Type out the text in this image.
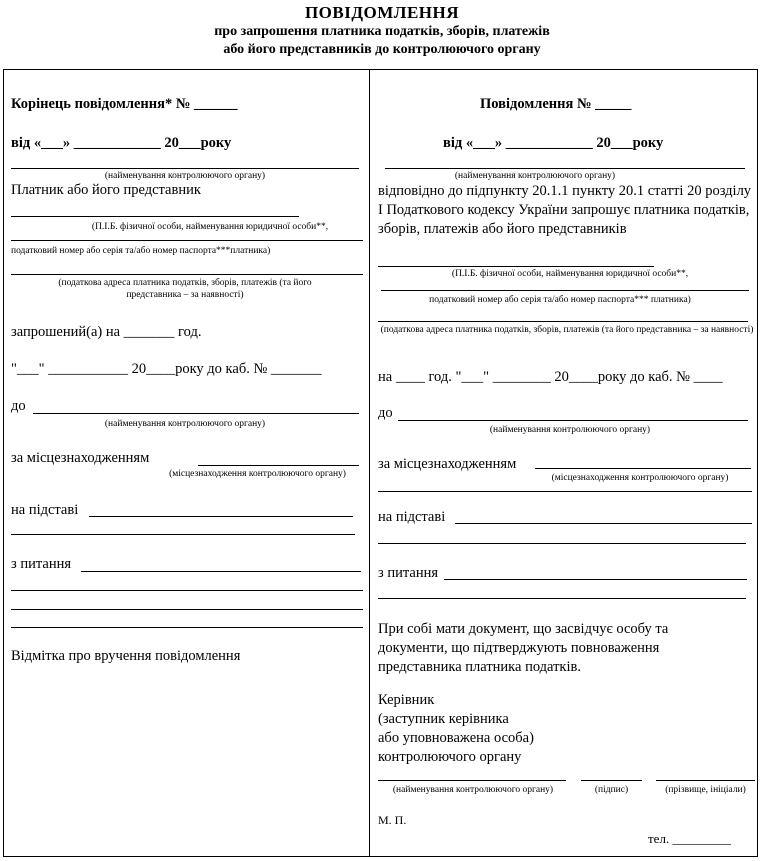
ПОВІДОМЛЕННЯ
про запрошення платника податків, зборів, платежів
або його представників до контролюючого органу
Корінець повідомлення* № ______
від «___» ____________ 20___року
(найменування контролюючого органу)
Платник або його представник
(П.І.Б. фізичної особи, найменування юридичної особи**,
податковий номер або серія та/або номер паспорта***платника)
(податкова адреса платника податків, зборів, платежів (та його представника – за наявності)
запрошений(а) на _______ год.
"___" ___________ 20____року до каб. № _______
до
(найменування контролюючого органу)
за місцезнаходженням
(місцезнаходження контролюючого органу)
на підставі
з питання
Відмітка про вручення повідомлення
Повідомлення № _____
від «___» ____________ 20___року
(найменування контролюючого органу)
відповідно до підпункту 20.1.1 пункту 20.1 статті 20 розділу І Податкового кодексу України запрошує платника податків, зборів, платежів або його представників
(П.І.Б. фізичної особи, найменування юридичної особи**,
податковий номер або серія та/або номер паспорта*** платника)
(податкова адреса платника податків, зборів, платежів (та його представника – за наявності)
на ____ год. "___" ________ 20____року до каб. № ____
до
(найменування контролюючого органу)
за місцезнаходженням
(місцезнаходження контролюючого органу)
на підставі
з питання
При собі мати документ, що засвідчує особу та документи, що підтверджують повноваження представника платника податків.
Керівник
(заступник керівника
або уповноважена особа)
контролюючого органу
(найменування контролюючого органу)	(підпис)	(прізвище, ініціали)
М. П.
тел. _________
